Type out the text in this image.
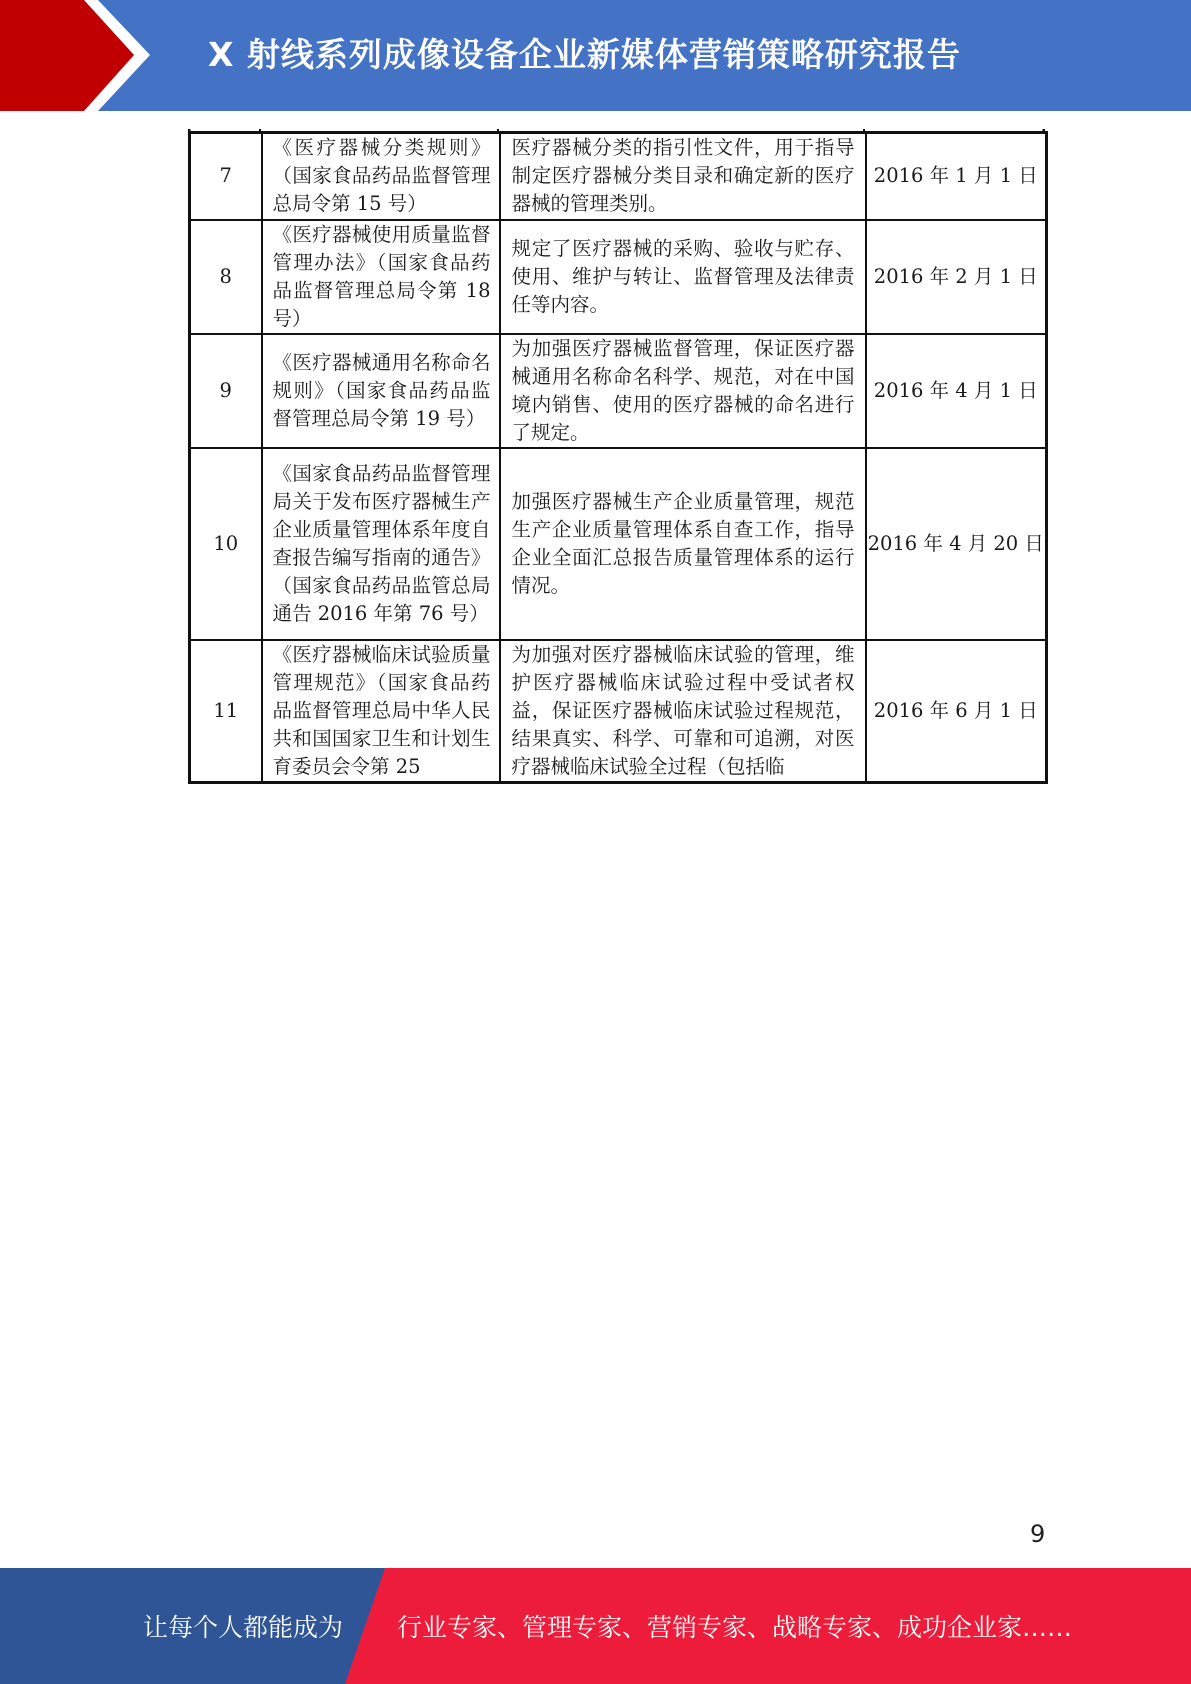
X 射线系列成像设备企业新媒体营销策略研究报告
7	《医疗器械分类规则》（国家食品药品监督管理总局令第 15 号）	医疗器械分类的指引性文件，用于指导制定医疗器械分类目录和确定新的医疗器械的管理类别。	2016 年 1 月 1 日
8	《医疗器械使用质量监督管理办法》（国家食品药品监督管理总局令第 18 号）	规定了医疗器械的采购、验收与贮存、使用、维护与转让、监督管理及法律责任等内容。	2016 年 2 月 1 日
9	《医疗器械通用名称命名规则》（国家食品药品监督管理总局令第 19 号）	为加强医疗器械监督管理，保证医疗器械通用名称命名科学、规范，对在中国境内销售、使用的医疗器械的命名进行了规定。	2016 年 4 月 1 日
10	《国家食品药品监督管理局关于发布医疗器械生产企业质量管理体系年度自查报告编写指南的通告》（国家食品药品监管总局通告 2016 年第 76 号）	加强医疗器械生产企业质量管理，规范生产企业质量管理体系自查工作，指导企业全面汇总报告质量管理体系的运行情况。	2016 年 4 月 20 日
11	《医疗器械临床试验质量管理规范》（国家食品药品监督管理总局中华人民共和国国家卫生和计划生育委员会令第 25	为加强对医疗器械临床试验的管理，维护医疗器械临床试验过程中受试者权益，保证医疗器械临床试验过程规范，结果真实、科学、可靠和可追溯，对医疗器械临床试验全过程（包括临	2016 年 6 月 1 日
9
让每个人都能成为 行业专家、管理专家、营销专家、战略专家、成功企业家……
